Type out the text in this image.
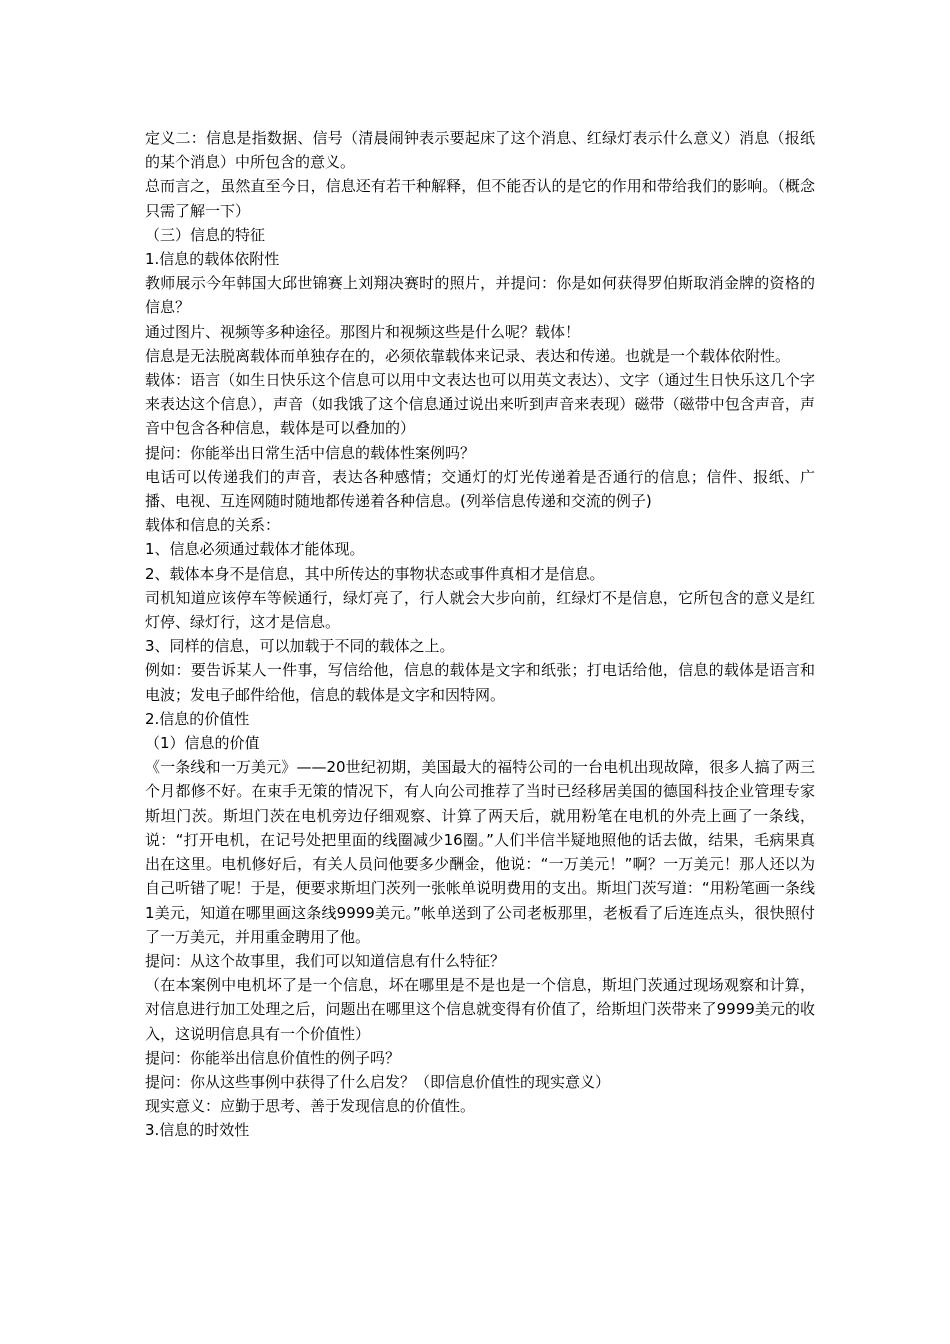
定义二：信息是指数据、信号（清晨闹钟表示要起床了这个消息、红绿灯表示什么意义）消息（报纸的某个消息）中所包含的意义。

总而言之，虽然直至今日，信息还有若干种解释，但不能否认的是它的作用和带给我们的影响。（概念只需了解一下）

（三）信息的特征

1.信息的载体依附性

教师展示今年韩国大邱世锦赛上刘翔决赛时的照片，并提问：你是如何获得罗伯斯取消金牌的资格的信息？

通过图片、视频等多种途径。那图片和视频这些是什么呢？载体！

信息是无法脱离载体而单独存在的，必须依靠载体来记录、表达和传递。也就是一个载体依附性。

载体：语言（如生日快乐这个信息可以用中文表达也可以用英文表达）、文字（通过生日快乐这几个字来表达这个信息），声音（如我饿了这个信息通过说出来听到声音来表现）磁带（磁带中包含声音，声音中包含各种信息，载体是可以叠加的）

提问：你能举出日常生活中信息的载体性案例吗？

电话可以传递我们的声音，表达各种感情；交通灯的灯光传递着是否通行的信息；信件、报纸、广播、电视、互连网随时随地都传递着各种信息。(列举信息传递和交流的例子)

载体和信息的关系：

1、信息必须通过载体才能体现。

2、载体本身不是信息，其中所传达的事物状态或事件真相才是信息。

司机知道应该停车等候通行，绿灯亮了，行人就会大步向前，红绿灯不是信息，它所包含的意义是红灯停、绿灯行，这才是信息。

3、同样的信息，可以加载于不同的载体之上。

例如：要告诉某人一件事，写信给他，信息的载体是文字和纸张；打电话给他，信息的载体是语言和电波；发电子邮件给他，信息的载体是文字和因特网。

2.信息的价值性

（1）信息的价值

《一条线和一万美元》——20世纪初期，美国最大的福特公司的一台电机出现故障，很多人搞了两三个月都修不好。在束手无策的情况下，有人向公司推荐了当时已经移居美国的德国科技企业管理专家斯坦门茨。斯坦门茨在电机旁边仔细观察、计算了两天后，就用粉笔在电机的外壳上画了一条线，说：“打开电机，在记号处把里面的线圈减少16圈。”人们半信半疑地照他的话去做，结果，毛病果真出在这里。电机修好后，有关人员问他要多少酬金，他说：“一万美元！”啊？一万美元！那人还以为自己听错了呢！于是，便要求斯坦门茨列一张帐单说明费用的支出。斯坦门茨写道：“用粉笔画一条线1美元，知道在哪里画这条线9999美元。”帐单送到了公司老板那里，老板看了后连连点头，很快照付了一万美元，并用重金聘用了他。

提问：从这个故事里，我们可以知道信息有什么特征？

（在本案例中电机坏了是一个信息，坏在哪里是不是也是一个信息，斯坦门茨通过现场观察和计算，对信息进行加工处理之后，问题出在哪里这个信息就变得有价值了，给斯坦门茨带来了9999美元的收入，这说明信息具有一个价值性）

提问：你能举出信息价值性的例子吗？

提问：你从这些事例中获得了什么启发？（即信息价值性的现实意义）

现实意义：应勤于思考、善于发现信息的价值性。

3.信息的时效性
